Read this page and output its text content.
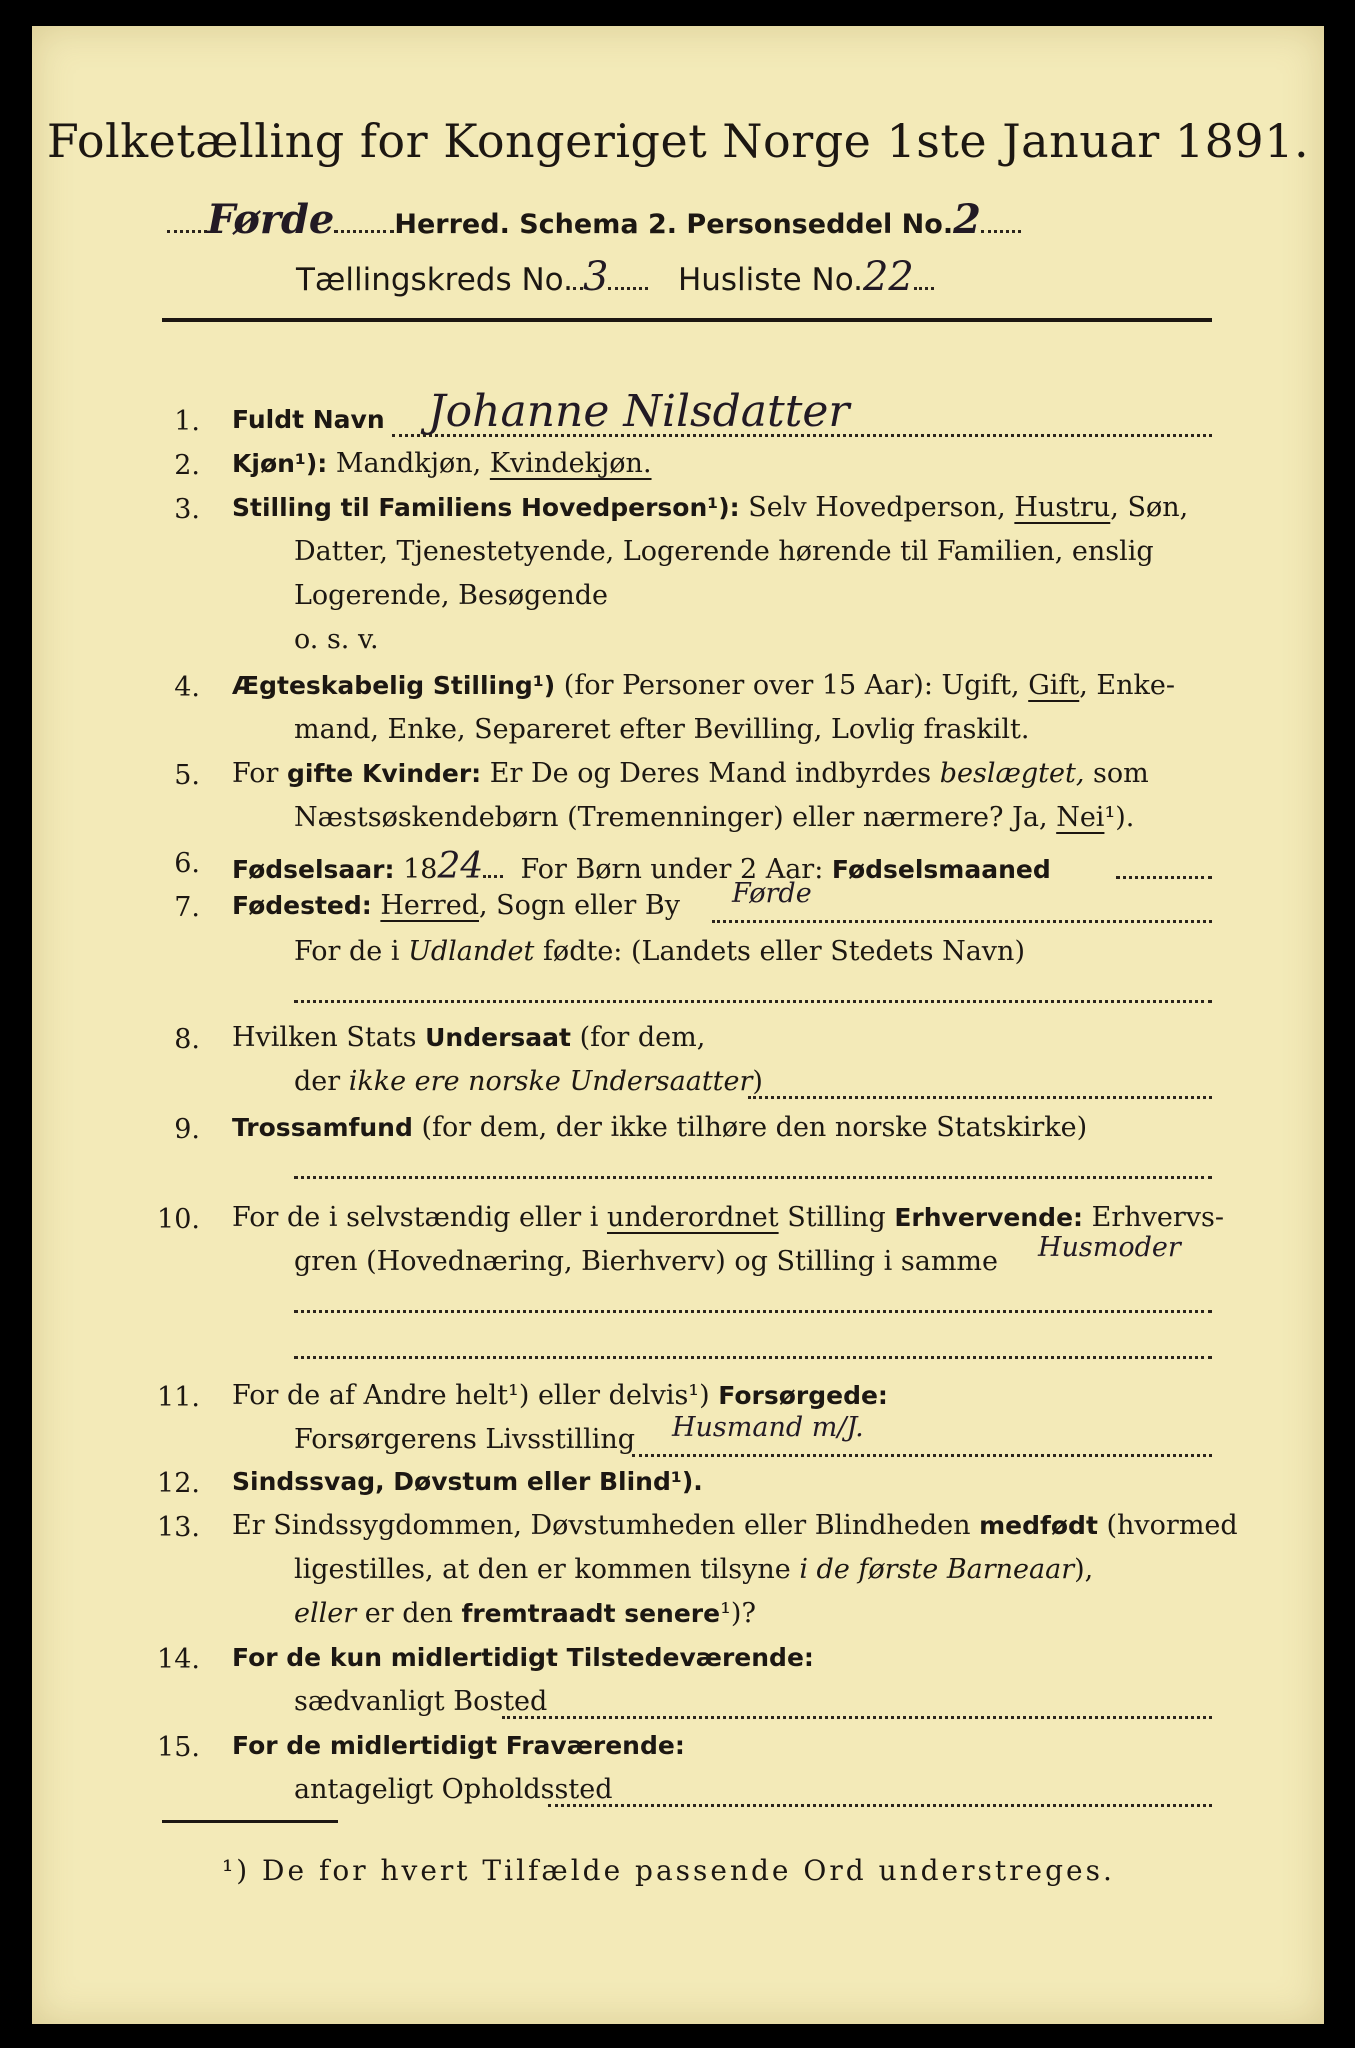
Folketælling for Kongeriget Norge 1ste Januar 1891.
Førde Herred. Schema 2. Personseddel No.2
Tællingskreds No. 3 Husliste No.22
1. Fuldt Navn Johanne Nilsdatter
2. Kjøn¹): Mandkjøn, Kvindekjøn.
3. Stilling til Familiens Hovedperson¹): Selv Hovedperson, Hustru, Søn,
Datter, Tjenestetyende, Logerende hørende til Familien, enslig
Logerende, Besøgende
o. s. v.
4. Ægteskabelig Stilling¹) (for Personer over 15 Aar): Ugift, Gift, Enke-
mand, Enke, Separeret efter Bevilling, Lovlig fraskilt.
5. For gifte Kvinder: Er De og Deres Mand indbyrdes beslægtet, som
Næstsøskendebørn (Tremenninger) eller nærmere? Ja, Nei¹).
6. Fødselsaar: 1824 For Børn under 2 Aar: Fødselsmaaned
7. Fødested: Herred, Sogn eller By Førde
For de i Udlandet fødte: (Landets eller Stedets Navn)
8. Hvilken Stats Undersaat (for dem,
der ikke ere norske Undersaatter)
9. Trossamfund (for dem, der ikke tilhøre den norske Statskirke)
10. For de i selvstændig eller i underordnet Stilling Erhvervende: Erhvervs-
gren (Hovednæring, Bierhverv) og Stilling i samme Husmoder
11. For de af Andre helt¹) eller delvis¹) Forsørgede:
Forsørgerens Livsstilling Husmand m/J.
12. Sindssvag, Døvstum eller Blind¹).
13. Er Sindssygdommen, Døvstumheden eller Blindheden medfødt (hvormed
ligestilles, at den er kommen tilsyne i de første Barneaar),
eller er den fremtraadt senere¹)?
14. For de kun midlertidigt Tilstedeværende:
sædvanligt Bosted
15. For de midlertidigt Fraværende:
antageligt Opholdssted
¹) De for hvert Tilfælde passende Ord understreges.
